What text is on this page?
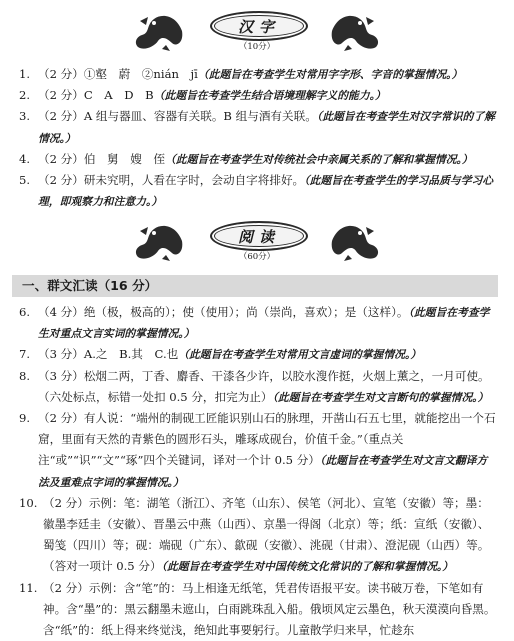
汉字
（10分）
1. （2 分）①壑　蔚　②nián　jī（此题旨在考查学生对常用字字形、字音的掌握情况。）
2. （2 分）C　A　D　B（此题旨在考查学生结合语境理解字义的能力。）
3. （2 分）A 组与器皿、容器有关联。B 组与酒有关联。（此题旨在考查学生对汉字常识的了解情况。）
4. （2 分）伯　舅　嫂　侄（此题旨在考查学生对传统社会中亲属关系的了解和掌握情况。）
5. （2 分）研未究明，人看在字时，会动自字将排好。（此题旨在考查学生的学习品质与学习心理，即观察力和注意力。）
阅读
（60分）
一、群文汇读（16 分）
6. （4 分）绝（极，极高的）；使（使用）；尚（崇尚，喜欢）；是（这样）。（此题旨在考查学生对重点文言实词的掌握情况。）
7. （3 分）A.之　B.其　C.也（此题旨在考查学生对常用文言虚词的掌握情况。）
8. （3 分）松烟二两，丁香、麝香、干漆各少许，以胶水溲作挺，火烟上薰之，一月可使。（六处标点，标错一处扣 0.5 分，扣完为止）（此题旨在考查学生对文言断句的掌握情况。）
9. （2 分）有人说：“端州的制砚工匠能识别山石的脉理，开凿山石五七里，就能挖出一个石窟，里面有天然的青紫色的圆形石头，雕琢成砚台，价值千金。”（重点关注“或”“识”“文”“琢”四个关键词，译对一个计 0.5 分）（此题旨在考查学生对文言文翻译方法及重难点字词的掌握情况。）
10. （2 分）示例：笔：湖笔（浙江）、齐笔（山东）、侯笔（河北）、宣笔（安徽）等；墨：徽墨李廷圭（安徽）、晋墨云中燕（山西）、京墨一得阁（北京）等；纸：宣纸（安徽）、蜀笺（四川）等；砚：端砚（广东）、歙砚（安徽）、洮砚（甘肃）、澄泥砚（山西）等。（答对一项计 0.5 分）（此题旨在考查学生对中国传统文化常识的了解和掌握情况。）
11. （2 分）示例：含“笔”的：马上相逢无纸笔，凭君传语报平安。读书破万卷，下笔如有神。含“墨”的：黑云翻墨未遮山，白雨跳珠乱入船。俄顷风定云墨色，秋天漠漠向昏黑。含“纸”的：纸上得来终觉浅，绝知此事要躬行。儿童散学归来早，忙趁东
